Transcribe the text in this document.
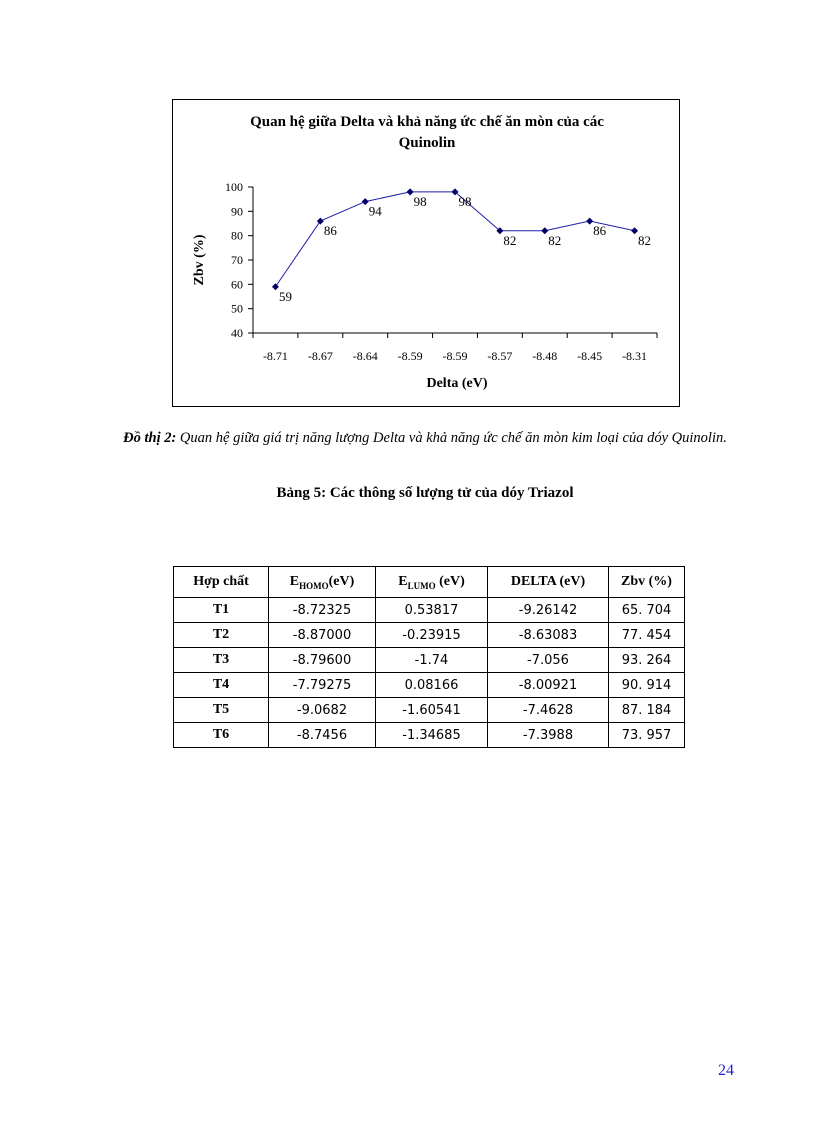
Quan hệ giữa Delta và khả năng ức chế ăn mòn của các
Quinolin
40
50
60
70
80
90
100
-8.71 -8.67 -8.64 -8.59 -8.59 -8.57 -8.48 -8.45 -8.31
59
86
94
98 98
82 82
86
82
Delta (eV)
Zbv (%)
Đồ thị 2: Quan hệ giữa giá trị năng lượng Delta và khả năng ức chế ăn mòn kim loại của dóy Quinolin.
Bảng 5: Các thông số lượng tử của dóy Triazol
Hợp chất	$E_{HOMO}(eV)$	$E_{LUMO}$ (eV)	DELTA (eV)	Zbv (%)
T1	-8.72325	0.53817	-9.26142	65. 704
T2	-8.87000	-0.23915	-8.63083	77. 454
T3	-8.79600	-1.74	-7.056	93. 264
T4	-7.79275	0.08166	-8.00921	90. 914
T5	-9.0682	-1.60541	-7.4628	87. 184
T6	-8.7456	-1.34685	-7.3988	73. 957
24
